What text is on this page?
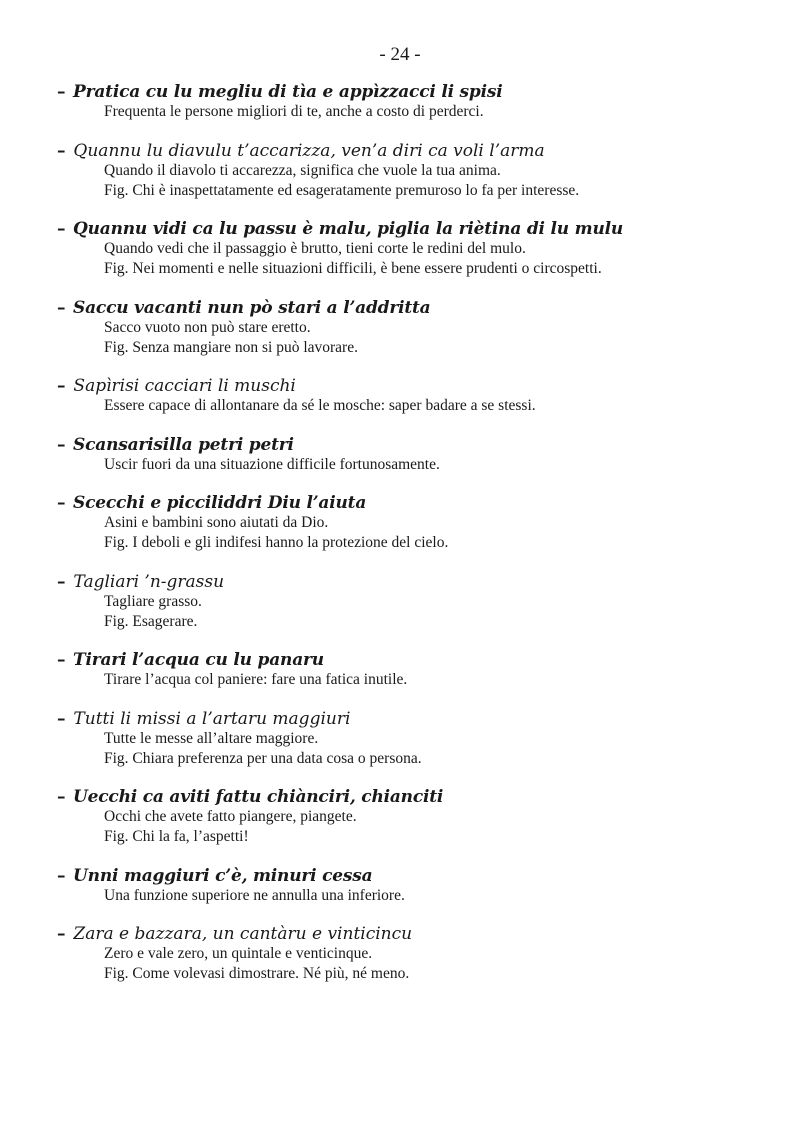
- 24 -
– Pratica cu lu megliu di tìa e appìzzacci li spisi
Frequenta le persone migliori di te, anche a costo di perderci.
– Quannu lu diavulu t’accarizza, ven’a diri ca voli l’arma
Quando il diavolo ti accarezza, significa che vuole la tua anima.
Fig. Chi è inaspettatamente ed esageratamente premuroso lo fa per interesse.
– Quannu vidi ca lu passu è malu, piglia la riètina di lu mulu
Quando vedi che il passaggio è brutto, tieni corte le redini del mulo.
Fig. Nei momenti e nelle situazioni difficili, è bene essere prudenti o circospetti.
– Saccu vacanti nun pò stari a l’addritta
Sacco vuoto non può stare eretto.
Fig. Senza mangiare non si può lavorare.
– Sapìrisi cacciari li muschi
Essere capace di allontanare da sé le mosche: saper badare a se stessi.
– Scansarisilla petri petri
Uscir fuori da una situazione difficile fortunosamente.
– Scecchi e picciliddri Diu l’aiuta
Asini e bambini sono aiutati da Dio.
Fig. I deboli e gli indifesi hanno la protezione del cielo.
– Tagliari ’n-grassu
Tagliare grasso.
Fig. Esagerare.
– Tirari l’acqua cu lu panaru
Tirare l’acqua col paniere: fare una fatica inutile.
– Tutti li missi a l’artaru maggiuri
Tutte le messe all’altare maggiore.
Fig. Chiara preferenza per una data cosa o persona.
– Uecchi ca aviti fattu chiànciri, chianciti
Occhi che avete fatto piangere, piangete.
Fig. Chi la fa, l’aspetti!
– Unni maggiuri c’è, minuri cessa
Una funzione superiore ne annulla una inferiore.
– Zara e bazzara, un cantàru e vinticincu
Zero e vale zero, un quintale e venticinque.
Fig. Come volevasi dimostrare. Né più, né meno.
